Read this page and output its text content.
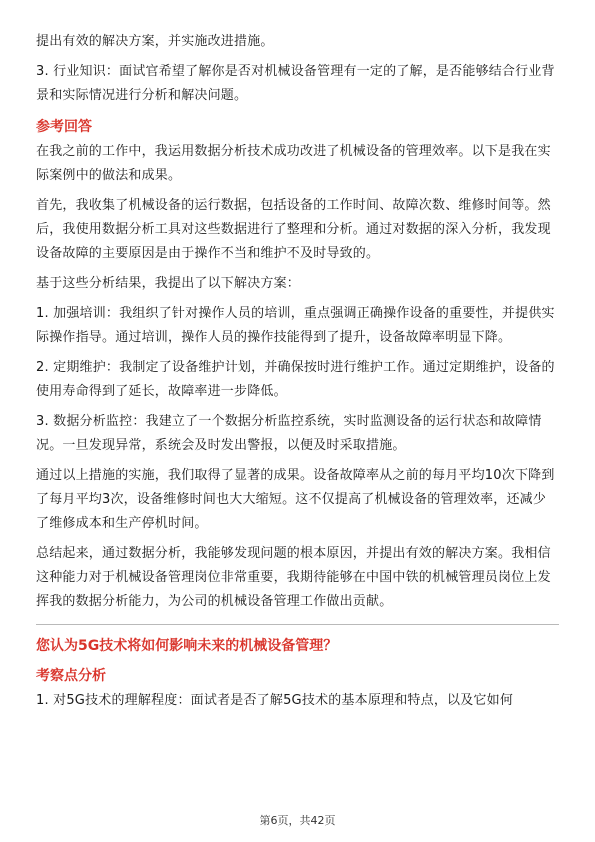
提出有效的解决方案，并实施改进措施。

3. 行业知识：面试官希望了解你是否对机械设备管理有一定的了解，是否能够结合行业背景和实际情况进行分析和解决问题。

参考回答

在我之前的工作中，我运用数据分析技术成功改进了机械设备的管理效率。以下是我在实际案例中的做法和成果。

首先，我收集了机械设备的运行数据，包括设备的工作时间、故障次数、维修时间等。然后，我使用数据分析工具对这些数据进行了整理和分析。通过对数据的深入分析，我发现设备故障的主要原因是由于操作不当和维护不及时导致的。

基于这些分析结果，我提出了以下解决方案：

1. 加强培训：我组织了针对操作人员的培训，重点强调正确操作设备的重要性，并提供实际操作指导。通过培训，操作人员的操作技能得到了提升，设备故障率明显下降。

2. 定期维护：我制定了设备维护计划，并确保按时进行维护工作。通过定期维护，设备的使用寿命得到了延长，故障率进一步降低。

3. 数据分析监控：我建立了一个数据分析监控系统，实时监测设备的运行状态和故障情况。一旦发现异常，系统会及时发出警报，以便及时采取措施。

通过以上措施的实施，我们取得了显著的成果。设备故障率从之前的每月平均10次下降到了每月平均3次，设备维修时间也大大缩短。这不仅提高了机械设备的管理效率，还减少了维修成本和生产停机时间。

总结起来，通过数据分析，我能够发现问题的根本原因，并提出有效的解决方案。我相信这种能力对于机械设备管理岗位非常重要，我期待能够在中国中铁的机械管理员岗位上发挥我的数据分析能力，为公司的机械设备管理工作做出贡献。

您认为5G技术将如何影响未来的机械设备管理？
考察点分析

1. 对5G技术的理解程度：面试者是否了解5G技术的基本原理和特点，以及它如何

第6页，共42页
